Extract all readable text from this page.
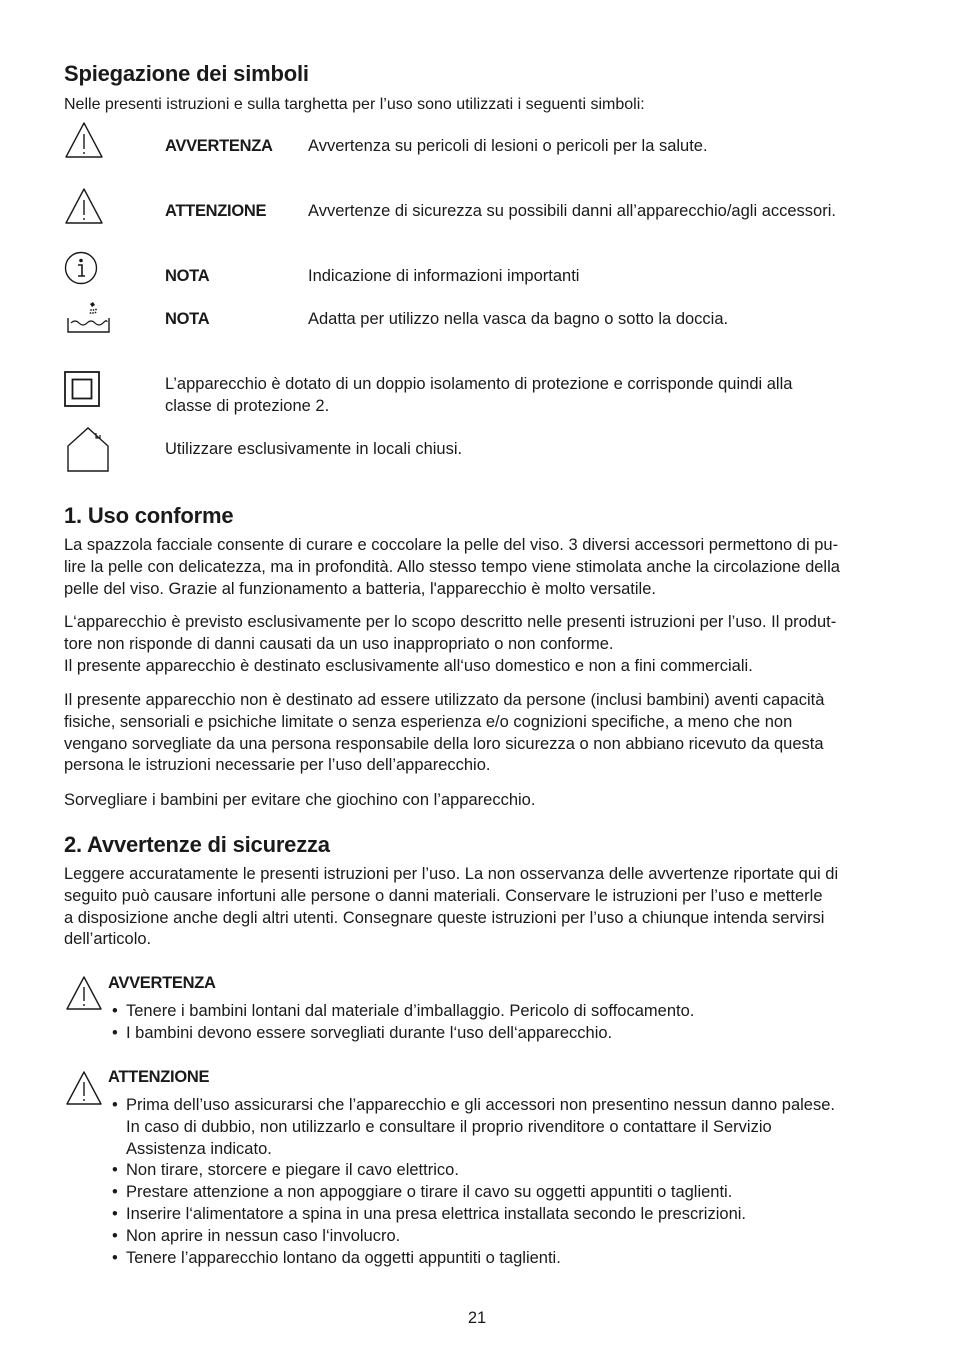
Spiegazione dei simboli
Nelle presenti istruzioni e sulla targhetta per l’uso sono utilizzati i seguenti simboli:
AVVERTENZA Avvertenza su pericoli di lesioni o pericoli per la salute.
ATTENZIONE	Avvertenze di sicurezza su possibili danni all’apparecchio/agli accessori.
NOTA	Indicazione di informazioni importanti
NOTA	Adatta per utilizzo nella vasca da bagno o sotto la doccia.
L’apparecchio è dotato di un doppio isolamento di protezione e corrisponde quindi alla
classe di protezione 2.
Utilizzare esclusivamente in locali chiusi.
1. Uso conforme
La spazzola facciale consente di curare e coccolare la pelle del viso. 3 diversi accessori permettono di pu-
lire la pelle con delicatezza, ma in profondità. Allo stesso tempo viene stimolata anche la circolazione della
pelle del viso. Grazie al funzionamento a batteria, l'apparecchio è molto versatile.
L‘apparecchio è previsto esclusivamente per lo scopo descritto nelle presenti istruzioni per l’uso. Il produt-
tore non risponde di danni causati da un uso inappropriato o non conforme.
Il presente apparecchio è destinato esclusivamente all‘uso domestico e non a fini commerciali.
Il presente apparecchio non è destinato ad essere utilizzato da persone (inclusi bambini) aventi capacità
fisiche, sensoriali e psichiche limitate o senza esperienza e/o cognizioni specifiche, a meno che non
vengano sorvegliate da una persona responsabile della loro sicurezza o non abbiano ricevuto da questa
persona le istruzioni necessarie per l’uso dell’apparecchio.
Sorvegliare i bambini per evitare che giochino con l’apparecchio.
2. Avvertenze di sicurezza
Leggere accuratamente le presenti istruzioni per l’uso. La non osservanza delle avvertenze riportate qui di
seguito può causare infortuni alle persone o danni materiali. Conservare le istruzioni per l’uso e metterle
a disposizione anche degli altri utenti. Consegnare queste istruzioni per l’uso a chiunque intenda servirsi
dell’articolo.
AVVERTENZA
• Tenere i bambini lontani dal materiale d’imballaggio. Pericolo di soffocamento.
• I bambini devono essere sorvegliati durante l‘uso dell‘apparecchio.
ATTENZIONE
• Prima dell’uso assicurarsi che l’apparecchio e gli accessori non presentino nessun danno palese.
In caso di dubbio, non utilizzarlo e consultare il proprio rivenditore o contattare il Servizio
Assistenza indicato.
• Non tirare, storcere e piegare il cavo elettrico.
• Prestare attenzione a non appoggiare o tirare il cavo su oggetti appuntiti o taglienti.
• Inserire l‘alimentatore a spina in una presa elettrica installata secondo le prescrizioni.
• Non aprire in nessun caso l‘involucro.
• Tenere l’apparecchio lontano da oggetti appuntiti o taglienti.
21
